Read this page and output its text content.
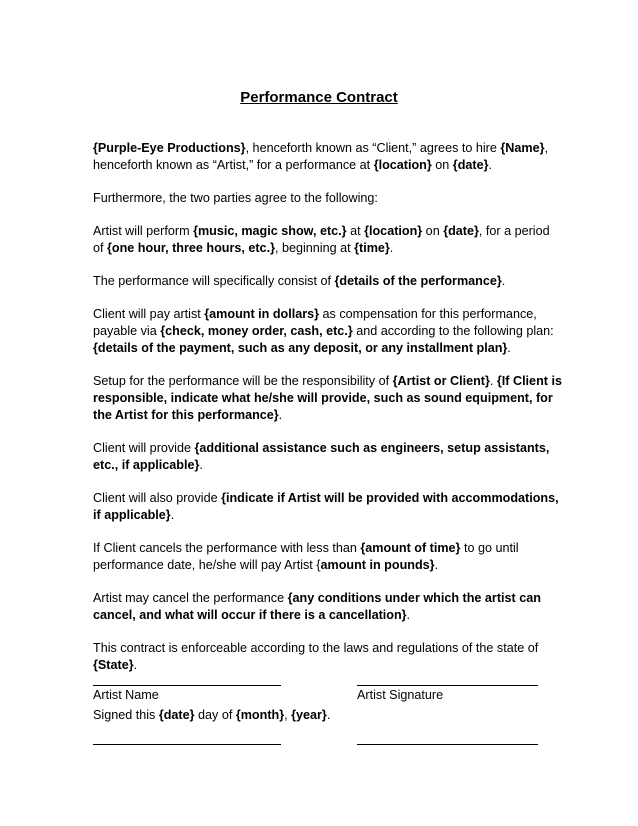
Performance Contract

{Purple-Eye Productions}, henceforth known as “Client,” agrees to hire {Name}, henceforth known as “Artist,” for a performance at {location} on {date}.

Furthermore, the two parties agree to the following:

Artist will perform {music, magic show, etc.} at {location} on {date}, for a period of {one hour, three hours, etc.}, beginning at {time}.

The performance will specifically consist of {details of the performance}.

Client will pay artist {amount in dollars} as compensation for this performance, payable via {check, money order, cash, etc.} and according to the following plan: {details of the payment, such as any deposit, or any installment plan}.

Setup for the performance will be the responsibility of {Artist or Client}. {If Client is responsible, indicate what he/she will provide, such as sound equipment, for the Artist for this performance}.

Client will provide {additional assistance such as engineers, setup assistants, etc., if applicable}.

Client will also provide {indicate if Artist will be provided with accommodations, if applicable}.

If Client cancels the performance with less than {amount of time} to go until performance date, he/she will pay Artist {amount in pounds}.

Artist may cancel the performance {any conditions under which the artist can cancel, and what will occur if there is a cancellation}.

This contract is enforceable according to the laws and regulations of the state of {State}.

Signed this {date} day of {month}, {year}.

Artist Name	Artist Signature
